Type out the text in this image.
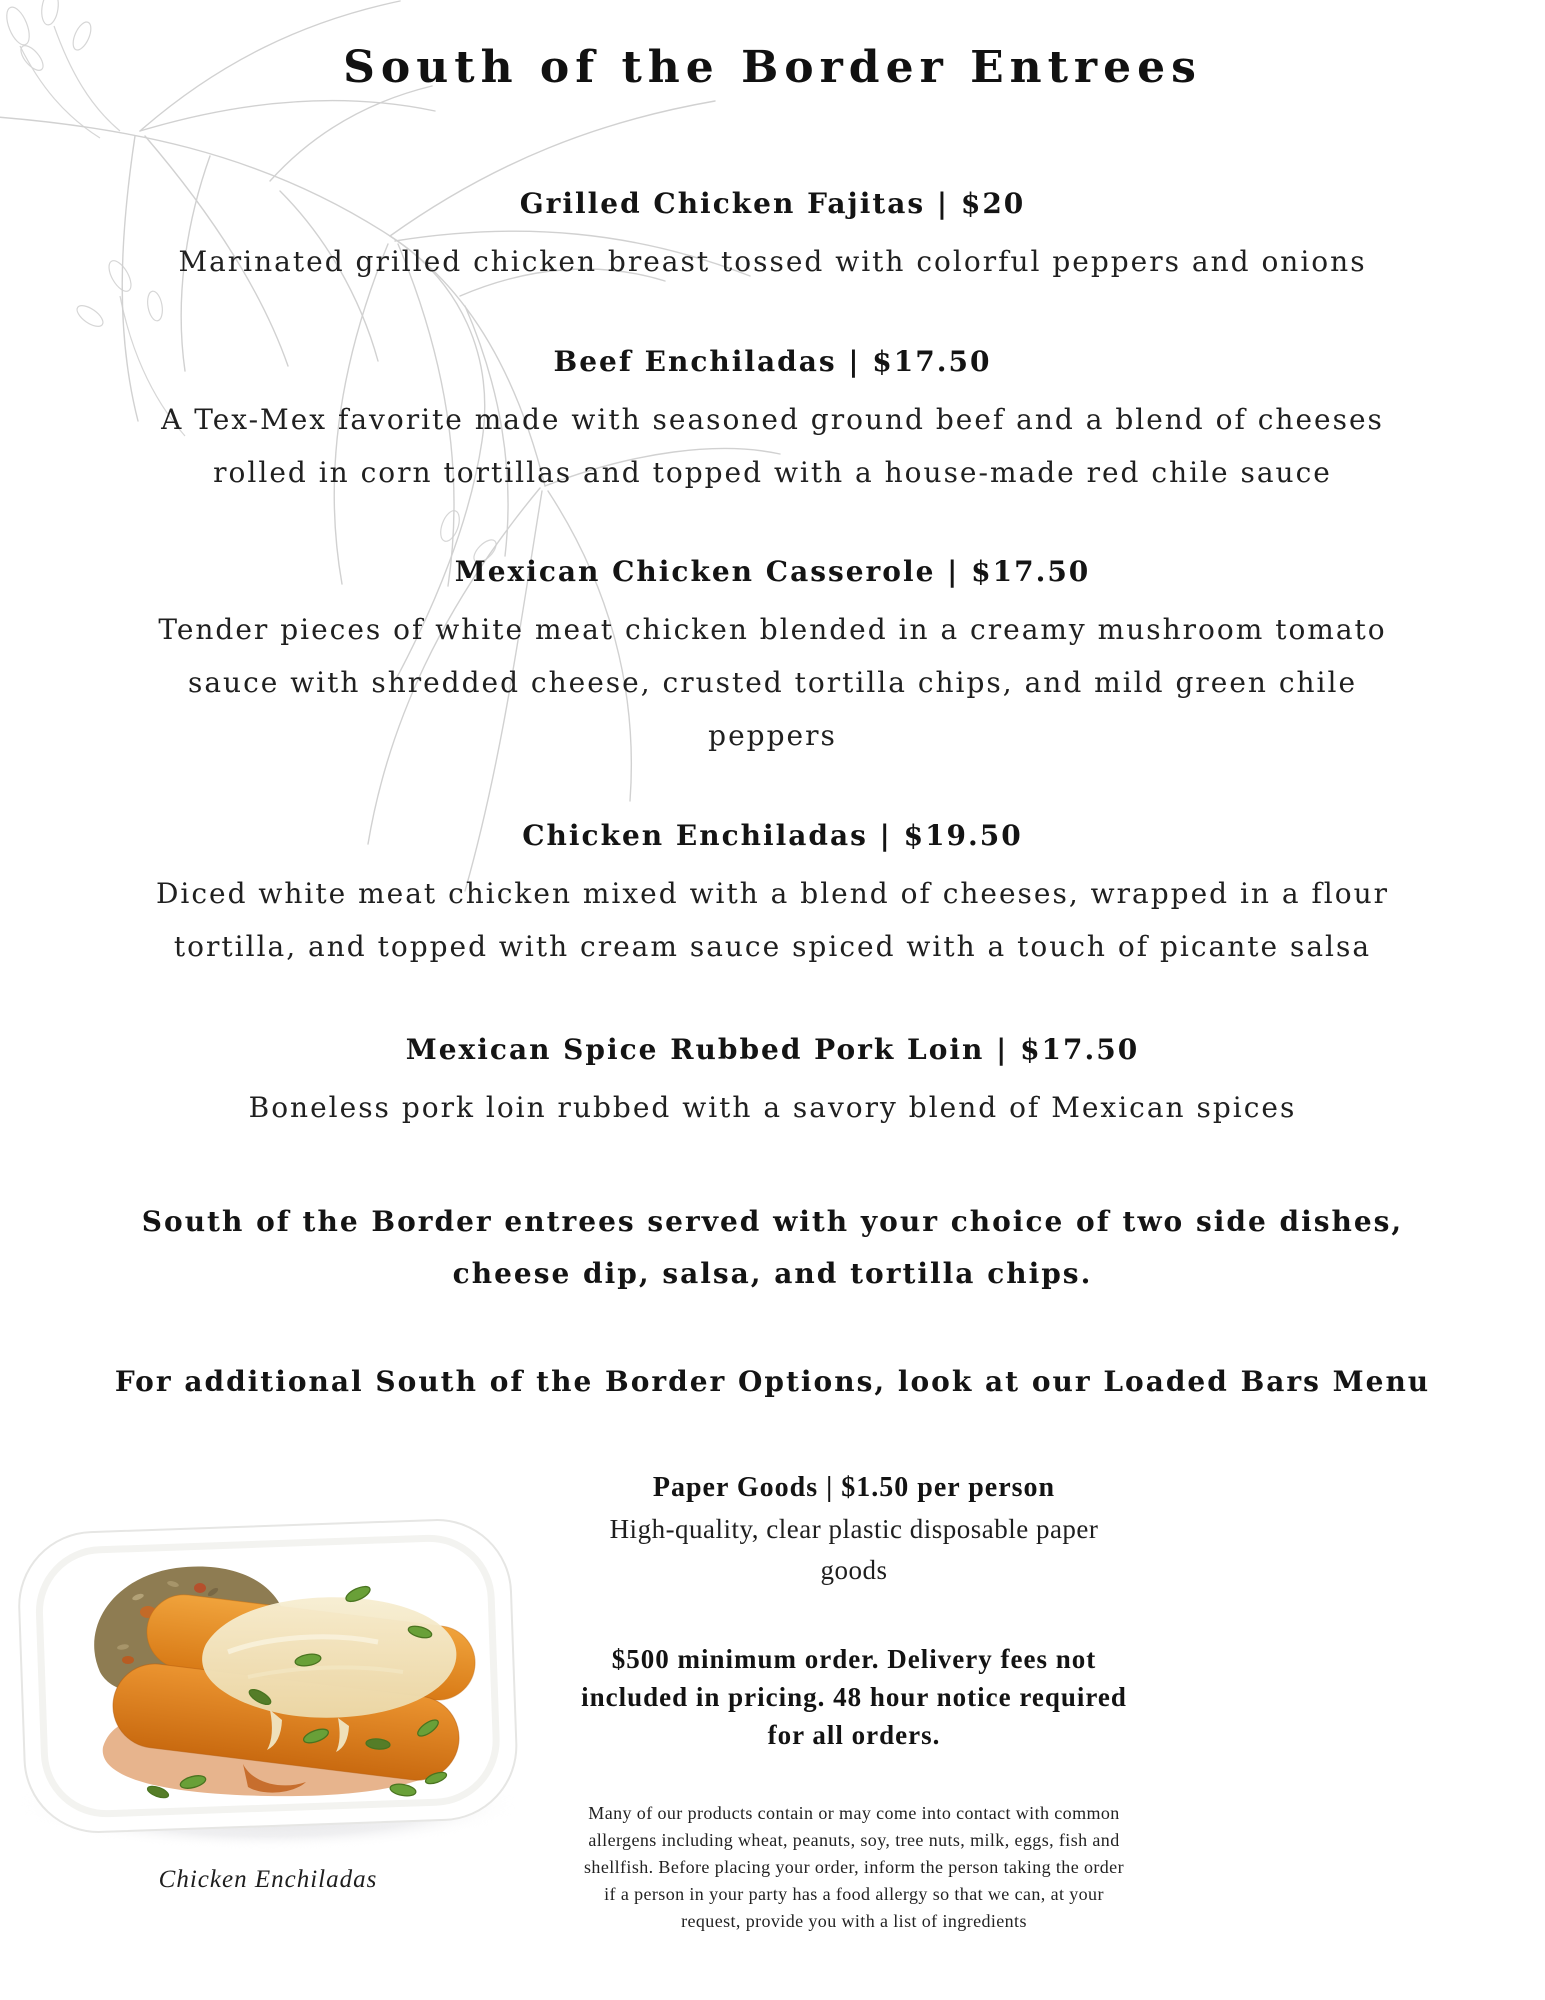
South of the Border Entrees
Grilled Chicken Fajitas | $20
Marinated grilled chicken breast tossed with colorful peppers and onions
Beef Enchiladas | $17.50
A Tex-Mex favorite made with seasoned ground beef and a blend of cheeses
rolled in corn tortillas and topped with a house-made red chile sauce
Mexican Chicken Casserole | $17.50
Tender pieces of white meat chicken blended in a creamy mushroom tomato
sauce with shredded cheese, crusted tortilla chips, and mild green chile
peppers
Chicken Enchiladas | $19.50
Diced white meat chicken mixed with a blend of cheeses, wrapped in a flour
tortilla, and topped with cream sauce spiced with a touch of picante salsa
Mexican Spice Rubbed Pork Loin | $17.50
Boneless pork loin rubbed with a savory blend of Mexican spices
South of the Border entrees served with your choice of two side dishes,
cheese dip, salsa, and tortilla chips.
For additional South of the Border Options, look at our Loaded Bars Menu
Chicken Enchiladas
Paper Goods | $1.50 per person
High-quality, clear plastic disposable paper
goods
$500 minimum order. Delivery fees not
included in pricing. 48 hour notice required
for all orders.
Many of our products contain or may come into contact with common
allergens including wheat, peanuts, soy, tree nuts, milk, eggs, fish and
shellfish. Before placing your order, inform the person taking the order
if a person in your party has a food allergy so that we can, at your
request, provide you with a list of ingredients
